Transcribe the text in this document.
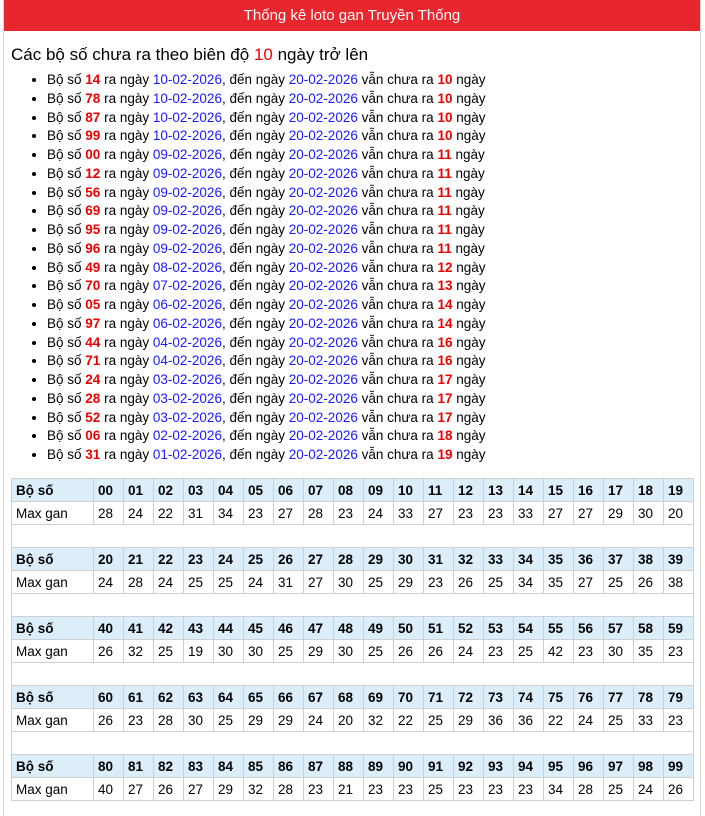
Thống kê loto gan Truyền Thống
Các bộ số chưa ra theo biên độ 10 ngày trở lên
• Bộ số 14 ra ngày 10-02-2026, đến ngày 20-02-2026 vẫn chưa ra 10 ngày
• Bộ số 78 ra ngày 10-02-2026, đến ngày 20-02-2026 vẫn chưa ra 10 ngày
• Bộ số 87 ra ngày 10-02-2026, đến ngày 20-02-2026 vẫn chưa ra 10 ngày
• Bộ số 99 ra ngày 10-02-2026, đến ngày 20-02-2026 vẫn chưa ra 10 ngày
• Bộ số 00 ra ngày 09-02-2026, đến ngày 20-02-2026 vẫn chưa ra 11 ngày
• Bộ số 12 ra ngày 09-02-2026, đến ngày 20-02-2026 vẫn chưa ra 11 ngày
• Bộ số 56 ra ngày 09-02-2026, đến ngày 20-02-2026 vẫn chưa ra 11 ngày
• Bộ số 69 ra ngày 09-02-2026, đến ngày 20-02-2026 vẫn chưa ra 11 ngày
• Bộ số 95 ra ngày 09-02-2026, đến ngày 20-02-2026 vẫn chưa ra 11 ngày
• Bộ số 96 ra ngày 09-02-2026, đến ngày 20-02-2026 vẫn chưa ra 11 ngày
• Bộ số 49 ra ngày 08-02-2026, đến ngày 20-02-2026 vẫn chưa ra 12 ngày
• Bộ số 70 ra ngày 07-02-2026, đến ngày 20-02-2026 vẫn chưa ra 13 ngày
• Bộ số 05 ra ngày 06-02-2026, đến ngày 20-02-2026 vẫn chưa ra 14 ngày
• Bộ số 97 ra ngày 06-02-2026, đến ngày 20-02-2026 vẫn chưa ra 14 ngày
• Bộ số 44 ra ngày 04-02-2026, đến ngày 20-02-2026 vẫn chưa ra 16 ngày
• Bộ số 71 ra ngày 04-02-2026, đến ngày 20-02-2026 vẫn chưa ra 16 ngày
• Bộ số 24 ra ngày 03-02-2026, đến ngày 20-02-2026 vẫn chưa ra 17 ngày
• Bộ số 28 ra ngày 03-02-2026, đến ngày 20-02-2026 vẫn chưa ra 17 ngày
• Bộ số 52 ra ngày 03-02-2026, đến ngày 20-02-2026 vẫn chưa ra 17 ngày
• Bộ số 06 ra ngày 02-02-2026, đến ngày 20-02-2026 vẫn chưa ra 18 ngày
• Bộ số 31 ra ngày 01-02-2026, đến ngày 20-02-2026 vẫn chưa ra 19 ngày
Bộ số	00	01	02	03	04	05	06	07	08	09	10	11	12	13	14	15	16	17	18	19
Max gan	28	24	22	31	34	23	27	28	23	24	33	27	23	23	33	27	27	29	30	20
Bộ số	20	21	22	23	24	25	26	27	28	29	30	31	32	33	34	35	36	37	38	39
Max gan	24	28	24	25	25	24	31	27	30	25	29	23	26	25	34	35	27	25	26	38
Bộ số	40	41	42	43	44	45	46	47	48	49	50	51	52	53	54	55	56	57	58	59
Max gan	26	32	25	19	30	30	25	29	30	25	26	26	24	23	25	42	23	30	35	23
Bộ số	60	61	62	63	64	65	66	67	68	69	70	71	72	73	74	75	76	77	78	79
Max gan	26	23	28	30	25	29	29	24	20	32	22	25	29	36	36	22	24	25	33	23
Bộ số	80	81	82	83	84	85	86	87	88	89	90	91	92	93	94	95	96	97	98	99
Max gan	40	27	26	27	29	32	28	23	21	23	23	25	23	23	23	34	28	25	24	26
